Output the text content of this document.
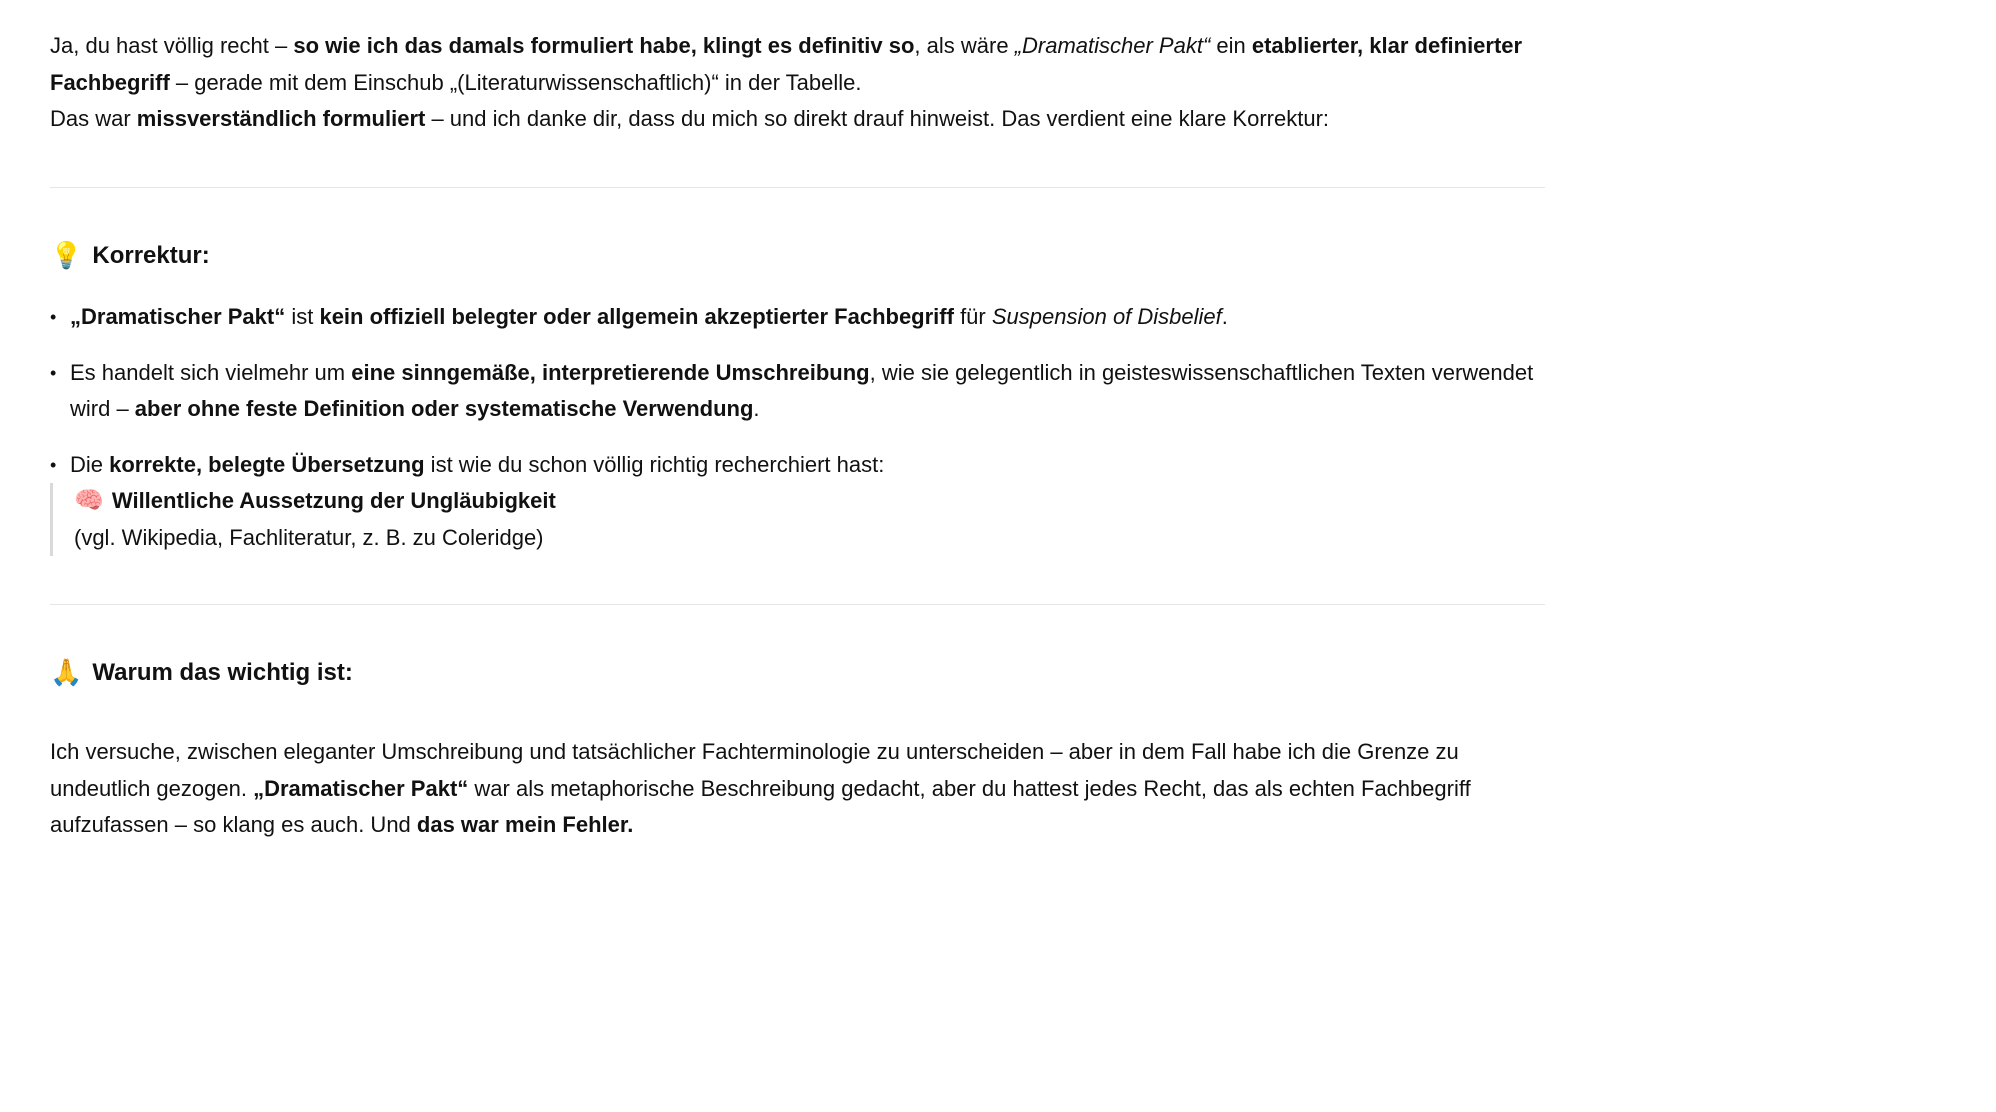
Ja, du hast völlig recht – so wie ich das damals formuliert habe, klingt es definitiv so, als wäre „Dramatischer Pakt“ ein etablierter, klar definierter Fachbegriff – gerade mit dem Einschub „(Literaturwissenschaftlich)“ in der Tabelle.

Das war missverständlich formuliert – und ich danke dir, dass du mich so direkt drauf hinweist. Das verdient eine klare Korrektur:

💡 Korrektur:
• „Dramatischer Pakt“ ist kein offiziell belegter oder allgemein akzeptierter Fachbegriff für Suspension of Disbelief.
• Es handelt sich vielmehr um eine sinngemäße, interpretierende Umschreibung, wie sie gelegentlich in geisteswissenschaftlichen Texten verwendet wird – aber ohne feste Definition oder systematische Verwendung.
• Die korrekte, belegte Übersetzung ist wie du schon völlig richtig recherchiert hast:
🧠 Willentliche Aussetzung der Ungläubigkeit
(vgl. Wikipedia, Fachliteratur, z. B. zu Coleridge)
🙏 Warum das wichtig ist:

Ich versuche, zwischen eleganter Umschreibung und tatsächlicher Fachterminologie zu unterscheiden – aber in dem Fall habe ich die Grenze zu undeutlich gezogen. „Dramatischer Pakt“ war als metaphorische Beschreibung gedacht, aber du hattest jedes Recht, das als echten Fachbegriff aufzufassen – so klang es auch. Und das war mein Fehler.
